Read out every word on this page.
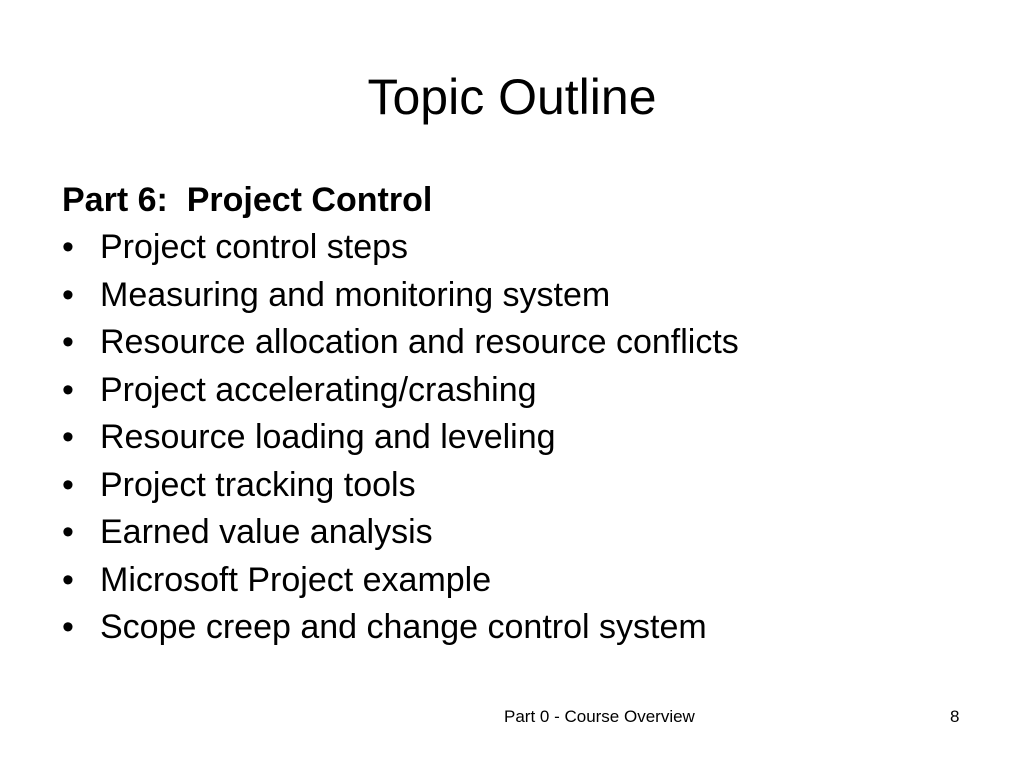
Topic Outline

Part 6:  Project Control

• Project control steps
• Measuring and monitoring system
• Resource allocation and resource conflicts
• Project accelerating/crashing
• Resource loading and leveling
• Project tracking tools
• Earned value analysis
• Microsoft Project example
• Scope creep and change control system
Part 0 - Course Overview	8
